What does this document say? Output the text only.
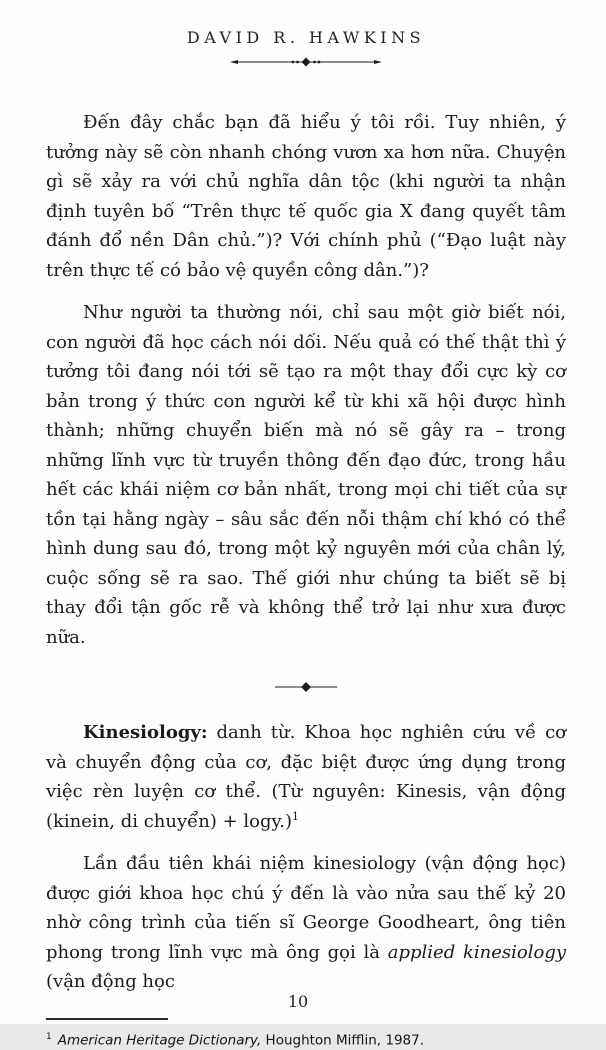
DAVID R. HAWKINS

Đến đây chắc bạn đã hiểu ý tôi rồi. Tuy nhiên, ý tưởng này sẽ còn nhanh chóng vươn xa hơn nữa. Chuyện gì sẽ xảy ra với chủ nghĩa dân tộc (khi người ta nhận định tuyên bố “Trên thực tế quốc gia X đang quyết tâm đánh đổ nền Dân chủ.”)? Với chính phủ (“Đạo luật này trên thực tế có bảo vệ quyền công dân.”)?

Như người ta thường nói, chỉ sau một giờ biết nói, con người đã học cách nói dối. Nếu quả có thế thật thì ý tưởng tôi đang nói tới sẽ tạo ra một thay đổi cực kỳ cơ bản trong ý thức con người kể từ khi xã hội được hình thành; những chuyển biến mà nó sẽ gây ra – trong những lĩnh vực từ truyền thông đến đạo đức, trong hầu hết các khái niệm cơ bản nhất, trong mọi chi tiết của sự tồn tại hằng ngày – sâu sắc đến nỗi thậm chí khó có thể hình dung sau đó, trong một kỷ nguyên mới của chân lý, cuộc sống sẽ ra sao. Thế giới như chúng ta biết sẽ bị thay đổi tận gốc rễ và không thể trở lại như xưa được nữa.

Kinesiology: danh từ. Khoa học nghiên cứu về cơ và chuyển động của cơ, đặc biệt được ứng dụng trong việc rèn luyện cơ thể. (Từ nguyên: Kinesis, vận động (kinein, di chuyển) + logy.)$^1$

Lần đầu tiên khái niệm kinesiology (vận động học) được giới khoa học chú ý đến là vào nửa sau thế kỷ 20 nhờ công trình của tiến sĩ George Goodheart, ông tiên phong trong lĩnh vực mà ông gọi là applied kinesiology (vận động học

$^1$ American Heritage Dictionary, Houghton Mifflin, 1987.
10
